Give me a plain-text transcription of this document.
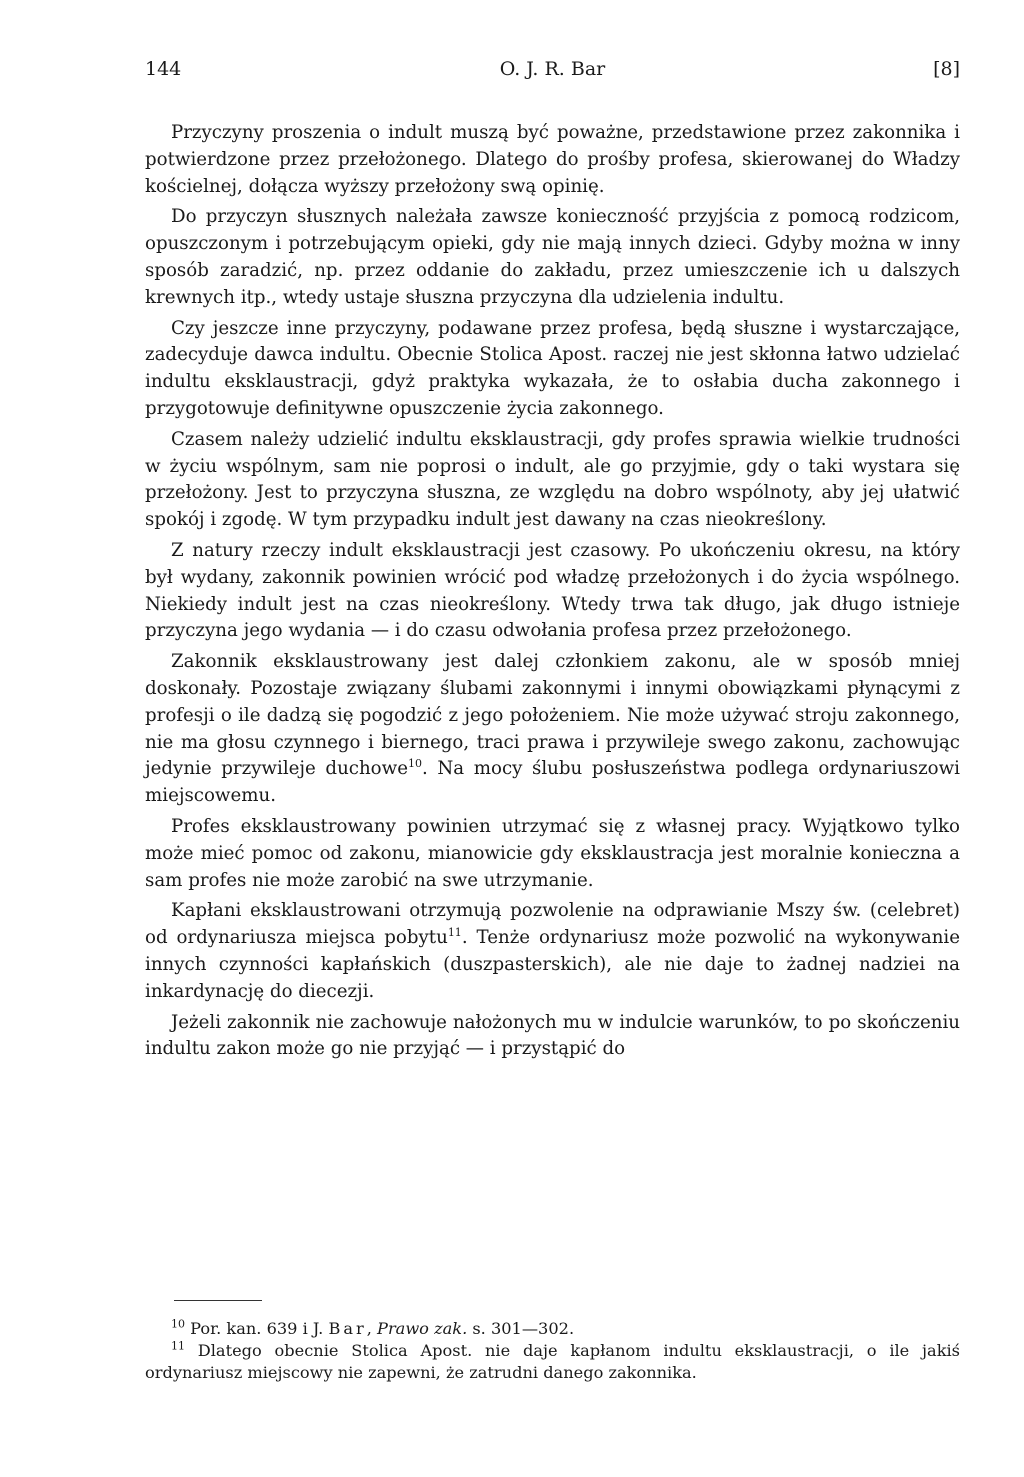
144	O. J. R. Bar	[8]

Przyczyny proszenia o indult muszą być poważne, przedstawione przez zakonnika i potwierdzone przez przełożonego. Dlatego do prośby profesa, skierowanej do Władzy kościelnej, dołącza wyższy przełożony swą opinię.

Do przyczyn słusznych należała zawsze konieczność przyjścia z pomocą rodzicom, opuszczonym i potrzebującym opieki, gdy nie mają innych dzieci. Gdyby można w inny sposób zaradzić, np. przez oddanie do zakładu, przez umieszczenie ich u dalszych krewnych itp., wtedy ustaje słuszna przyczyna dla udzielenia indultu.

Czy jeszcze inne przyczyny, podawane przez profesa, będą słuszne i wystarczające, zadecyduje dawca indultu. Obecnie Stolica Apost. raczej nie jest skłonna łatwo udzielać indultu eksklaustracji, gdyż praktyka wykazała, że to osłabia ducha zakonnego i przygotowuje definitywne opuszczenie życia zakonnego.

Czasem należy udzielić indultu eksklaustracji, gdy profes sprawia wielkie trudności w życiu wspólnym, sam nie poprosi o indult, ale go przyjmie, gdy o taki wystara się przełożony. Jest to przyczyna słuszna, ze względu na dobro wspólnoty, aby jej ułatwić spokój i zgodę. W tym przypadku indult jest dawany na czas nieokreślony.

Z natury rzeczy indult eksklaustracji jest czasowy. Po ukończeniu okresu, na który był wydany, zakonnik powinien wrócić pod władzę przełożonych i do życia wspólnego. Niekiedy indult jest na czas nieokreślony. Wtedy trwa tak długo, jak długo istnieje przyczyna jego wydania — i do czasu odwołania profesa przez przełożonego.

Zakonnik eksklaustrowany jest dalej członkiem zakonu, ale w sposób mniej doskonały. Pozostaje związany ślubami zakonnymi i innymi obowiązkami płynącymi z profesji o ile dadzą się pogodzić z jego położeniem. Nie może używać stroju zakonnego, nie ma głosu czynnego i biernego, traci prawa i przywileje swego zakonu, zachowując jedynie przywileje duchowe$^{10}$. Na mocy ślubu posłuszeństwa podlega ordynariuszowi miejscowemu.

Profes eksklaustrowany powinien utrzymać się z własnej pracy. Wyjątkowo tylko może mieć pomoc od zakonu, mianowicie gdy eksklaustracja jest moralnie konieczna a sam profes nie może zarobić na swe utrzymanie.

Kapłani eksklaustrowani otrzymują pozwolenie na odprawianie Mszy św. (celebret) od ordynariusza miejsca pobytu$^{11}$. Tenże ordynariusz może pozwolić na wykonywanie innych czynności kapłańskich (duszpasterskich), ale nie daje to żadnej nadziei na inkardynację do diecezji.

Jeżeli zakonnik nie zachowuje nałożonych mu w indulcie warunków, to po skończeniu indultu zakon może go nie przyjąć — i przystąpić do

$^{10}$ Por. kan. 639 i J. Bar, Prawo zak. s. 301—302.

$^{11}$ Dlatego obecnie Stolica Apost. nie daje kapłanom indultu eksklaustracji, o ile jakiś ordynariusz miejscowy nie zapewni, że zatrudni danego zakonnika.
